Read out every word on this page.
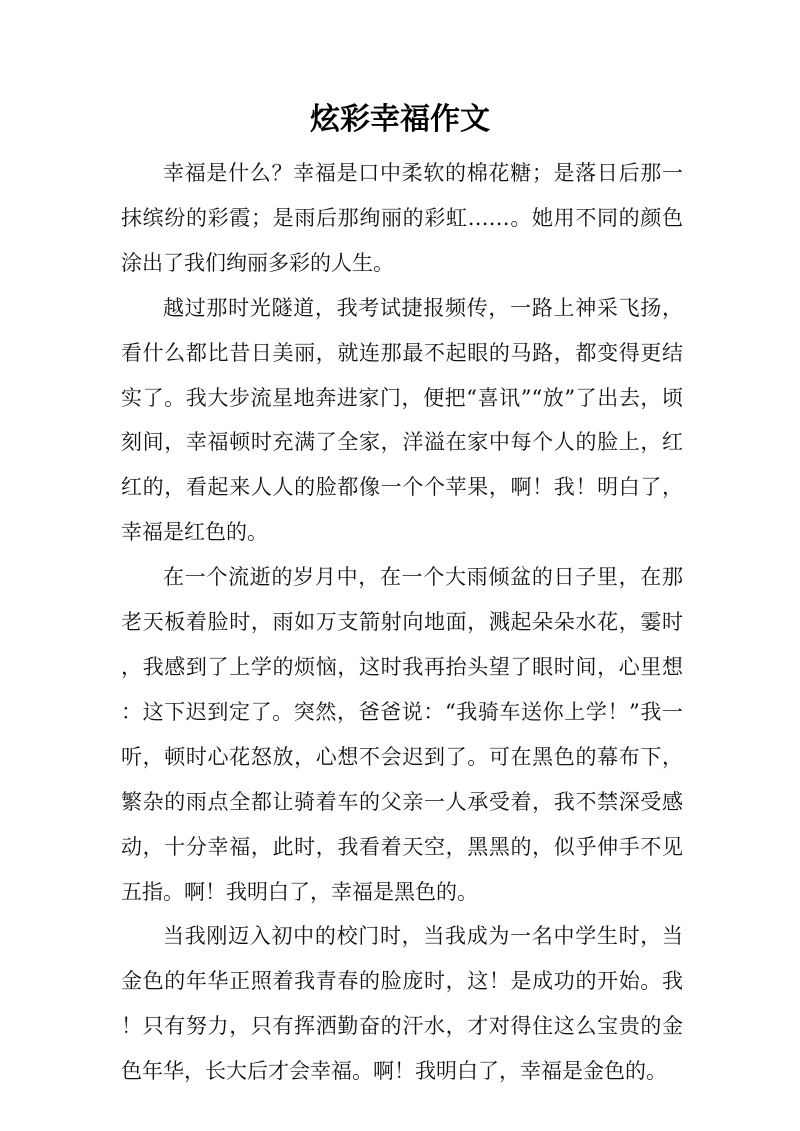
炫彩幸福作文

幸福是什么？幸福是口中柔软的棉花糖；是落日后那一抹缤纷的彩霞；是雨后那绚丽的彩虹……。她用不同的颜色涂出了我们绚丽多彩的人生。

越过那时光隧道，我考试捷报频传，一路上神采飞扬，看什么都比昔日美丽，就连那最不起眼的马路，都变得更结实了。我大步流星地奔进家门，便把“喜讯”“放”了出去，顷刻间，幸福顿时充满了全家，洋溢在家中每个人的脸上，红红的，看起来人人的脸都像一个个苹果，啊！我！明白了，幸福是红色的。

在一个流逝的岁月中，在一个大雨倾盆的日子里，在那老天板着脸时，雨如万支箭射向地面，溅起朵朵水花，霎时，我感到了上学的烦恼，这时我再抬头望了眼时间，心里想：这下迟到定了。突然，爸爸说：“我骑车送你上学！”我一听，顿时心花怒放，心想不会迟到了。可在黑色的幕布下，繁杂的雨点全都让骑着车的父亲一人承受着，我不禁深受感动，十分幸福，此时，我看着天空，黑黑的，似乎伸手不见五指。啊！我明白了，幸福是黑色的。

当我刚迈入初中的校门时，当我成为一名中学生时，当金色的年华正照着我青春的脸庞时，这！是成功的开始。我！只有努力，只有挥洒勤奋的汗水，才对得住这么宝贵的金色年华，长大后才会幸福。啊！我明白了，幸福是金色的。
